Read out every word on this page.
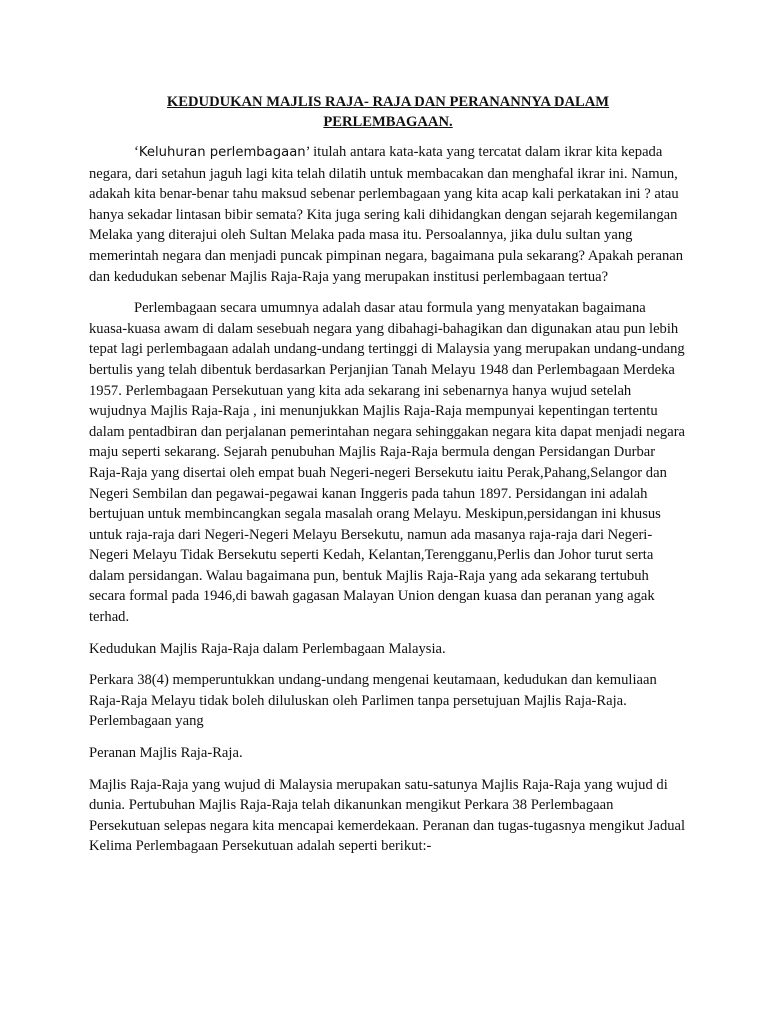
KEDUDUKAN MAJLIS RAJA- RAJA DAN PERANANNYA DALAM
PERLEMBAGAAN.

‘Keluhuran perlembagaan’ itulah antara kata-kata yang tercatat dalam ikrar kita kepada negara, dari setahun jaguh lagi kita telah dilatih untuk membacakan dan menghafal ikrar ini. Namun, adakah kita benar-benar tahu maksud sebenar perlembagaan yang kita acap kali perkatakan ini ? atau hanya sekadar lintasan bibir semata? Kita juga sering kali dihidangkan dengan sejarah kegemilangan Melaka yang diterajui oleh Sultan Melaka pada masa itu. Persoalannya, jika dulu sultan yang memerintah negara dan menjadi puncak pimpinan negara, bagaimana pula sekarang? Apakah peranan dan kedudukan sebenar Majlis Raja-Raja yang merupakan institusi perlembagaan tertua?

Perlembagaan secara umumnya adalah dasar atau formula yang menyatakan bagaimana kuasa-kuasa awam di dalam sesebuah negara yang dibahagi-bahagikan dan digunakan atau pun lebih tepat lagi perlembagaan adalah undang-undang tertinggi di Malaysia yang merupakan undang-undang bertulis yang telah dibentuk berdasarkan Perjanjian Tanah Melayu 1948 dan Perlembagaan Merdeka 1957. Perlembagaan Persekutuan yang kita ada sekarang ini sebenarnya hanya wujud setelah wujudnya Majlis Raja-Raja , ini menunjukkan Majlis Raja-Raja mempunyai kepentingan tertentu dalam pentadbiran dan perjalanan pemerintahan negara sehinggakan negara kita dapat menjadi negara maju seperti sekarang. Sejarah penubuhan Majlis Raja-Raja bermula dengan Persidangan Durbar Raja-Raja yang disertai oleh empat buah Negeri-negeri Bersekutu iaitu Perak,Pahang,Selangor dan Negeri Sembilan dan pegawai-pegawai kanan Inggeris pada tahun 1897. Persidangan ini adalah bertujuan untuk membincangkan segala masalah orang Melayu. Meskipun,persidangan ini khusus untuk raja-raja dari Negeri-Negeri Melayu Bersekutu, namun ada masanya raja-raja dari Negeri-Negeri Melayu Tidak Bersekutu seperti Kedah, Kelantan,Terengganu,Perlis dan Johor turut serta dalam persidangan. Walau bagaimana pun, bentuk Majlis Raja-Raja yang ada sekarang tertubuh secara formal pada 1946,di bawah gagasan Malayan Union dengan kuasa dan peranan yang agak terhad.

Kedudukan Majlis Raja-Raja dalam Perlembagaan Malaysia.

Perkara 38(4) memperuntukkan undang-undang mengenai keutamaan, kedudukan dan kemuliaan Raja-Raja Melayu tidak boleh diluluskan oleh Parlimen tanpa persetujuan Majlis Raja-Raja.
Perlembagaan yang

Peranan Majlis Raja-Raja.

Majlis Raja-Raja yang wujud di Malaysia merupakan satu-satunya Majlis Raja-Raja yang wujud di dunia. Pertubuhan Majlis Raja-Raja telah dikanunkan mengikut Perkara 38 Perlembagaan Persekutuan selepas negara kita mencapai kemerdekaan. Peranan dan tugas-tugasnya mengikut Jadual Kelima Perlembagaan Persekutuan adalah seperti berikut:-
